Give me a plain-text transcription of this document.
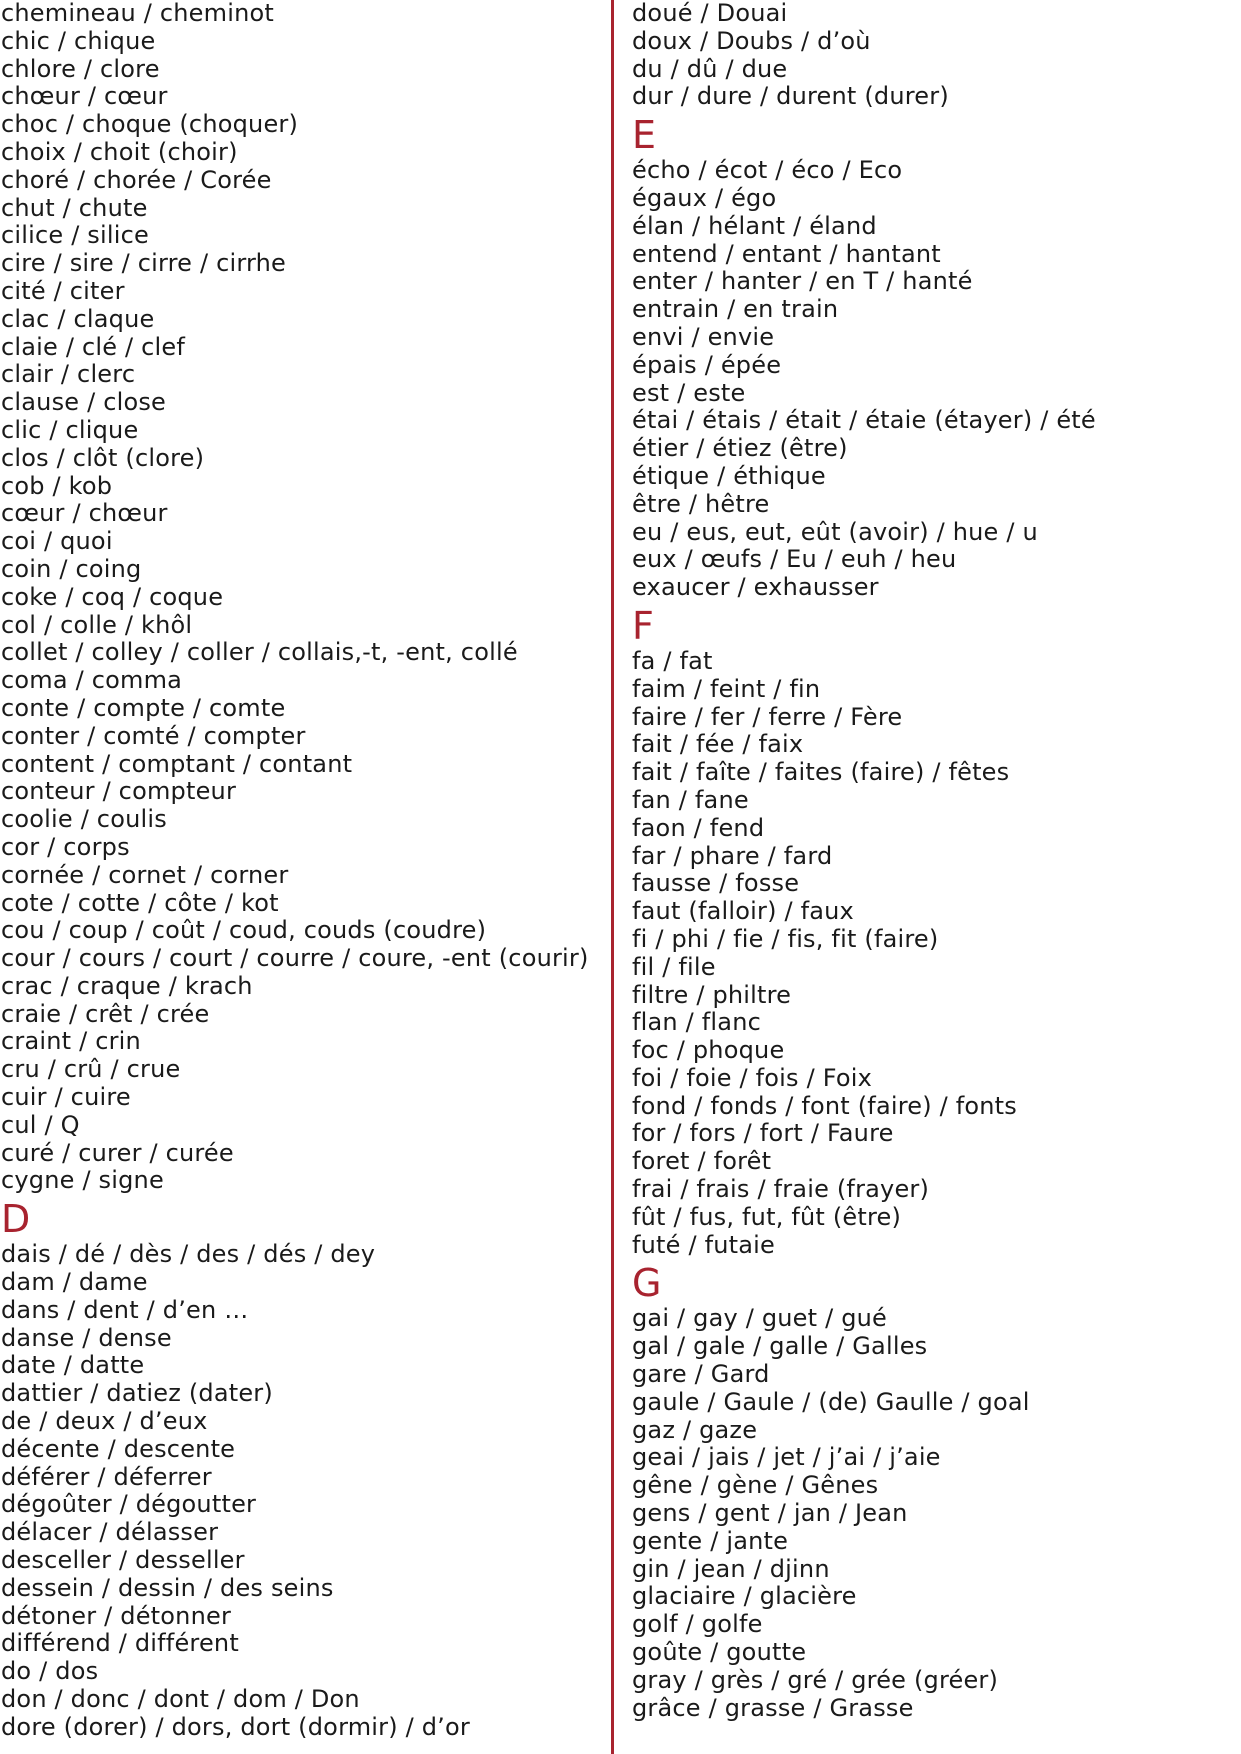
chemineau / cheminot
chic / chique
chlore / clore
chœur / cœur
choc / choque (choquer)
choix / choit (choir)
choré / chorée / Corée
chut / chute
cilice / silice
cire / sire / cirre / cirrhe
cité / citer
clac / claque
claie / clé / clef
clair / clerc
clause / close
clic / clique
clos / clôt (clore)
cob / kob
cœur / chœur
coi / quoi
coin / coing
coke / coq / coque
col / colle / khôl
collet / colley / coller / collais,-t, -ent, collé
coma / comma
conte / compte / comte
conter / comté / compter
content / comptant / contant
conteur / compteur
coolie / coulis
cor / corps
cornée / cornet / corner
cote / cotte / côte / kot
cou / coup / coût / coud, couds (coudre)
cour / cours / court / courre / coure, -ent (courir)
crac / craque / krach
craie / crêt / crée
craint / crin
cru / crû / crue
cuir / cuire
cul / Q
curé / curer / curée
cygne / signe
D
dais / dé / dès / des / dés / dey
dam / dame
dans / dent / d’en …
danse / dense
date / datte
dattier / datiez (dater)
de / deux / d’eux
décente / descente
déférer / déferrer
dégoûter / dégoutter
délacer / délasser
desceller / desseller
dessein / dessin / des seins
détoner / détonner
différend / différent
do / dos
don / donc / dont / dom / Don
dore (dorer) / dors, dort (dormir) / d’or
doué / Douai
doux / Doubs / d’où
du / dû / due
dur / dure / durent (durer)
E
écho / écot / éco / Eco
égaux / égo
élan / hélant / éland
entend / entant / hantant
enter / hanter / en T / hanté
entrain / en train
envi / envie
épais / épée
est / este
étai / étais / était / étaie (étayer) / été
étier / étiez (être)
étique / éthique
être / hêtre
eu / eus, eut, eût (avoir) / hue / u
eux / œufs / Eu / euh / heu
exaucer / exhausser
F
fa / fat
faim / feint / fin
faire / fer / ferre / Fère
fait / fée / faix
fait / faîte / faites (faire) / fêtes
fan / fane
faon / fend
far / phare / fard
fausse / fosse
faut (falloir) / faux
fi / phi / fie / fis, fit (faire)
fil / file
filtre / philtre
flan / flanc
foc / phoque
foi / foie / fois / Foix
fond / fonds / font (faire) / fonts
for / fors / fort / Faure
foret / forêt
frai / frais / fraie (frayer)
fût / fus, fut, fût (être)
futé / futaie
G
gai / gay / guet / gué
gal / gale / galle / Galles
gare / Gard
gaule / Gaule / (de) Gaulle / goal
gaz / gaze
geai / jais / jet / j’ai / j’aie
gêne / gène / Gênes
gens / gent / jan / Jean
gente / jante
gin / jean / djinn
glaciaire / glacière
golf / golfe
goûte / goutte
gray / grès / gré / grée (gréer)
grâce / grasse / Grasse
